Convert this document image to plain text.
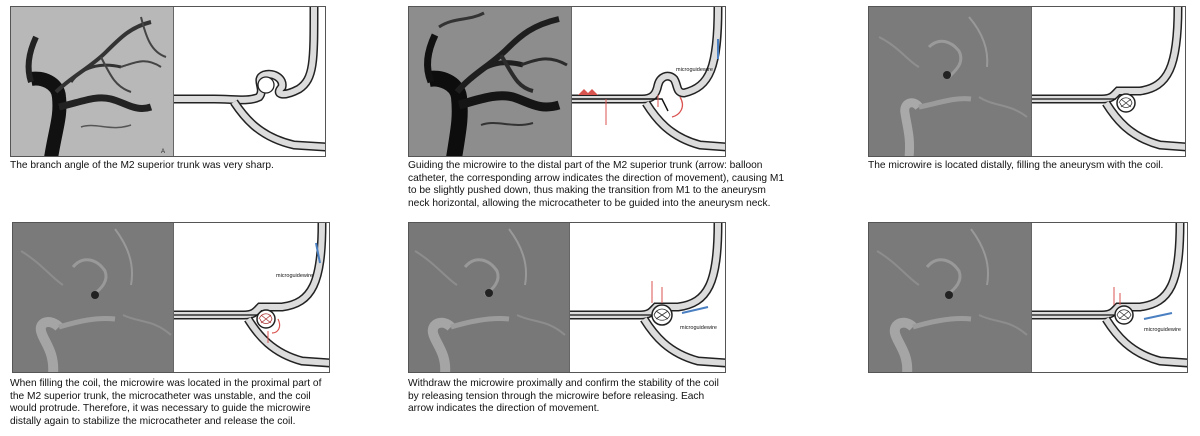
A
The branch angle of the M2 superior trunk was very sharp.
microguidewire
Guiding the microwire to the distal part of the M2 superior trunk (arrow: balloon
catheter, the corresponding arrow indicates the direction of movement), causing M1
to be slightly pushed down, thus making the transition from M1 to the aneurysm
neck horizontal, allowing the microcatheter to be guided into the aneurysm neck.
The microwire is located distally, filling the aneurysm with the coil.
microguidewire
When filling the coil, the microwire was located in the proximal part of
the M2 superior trunk, the microcatheter was unstable, and the coil
would protrude. Therefore, it was necessary to guide the microwire
distally again to stabilize the microcatheter and release the coil.
microguidewire
Withdraw the microwire proximally and confirm the stability of the coil
by releasing tension through the microwire before releasing. Each
arrow indicates the direction of movement.
microguidewire
